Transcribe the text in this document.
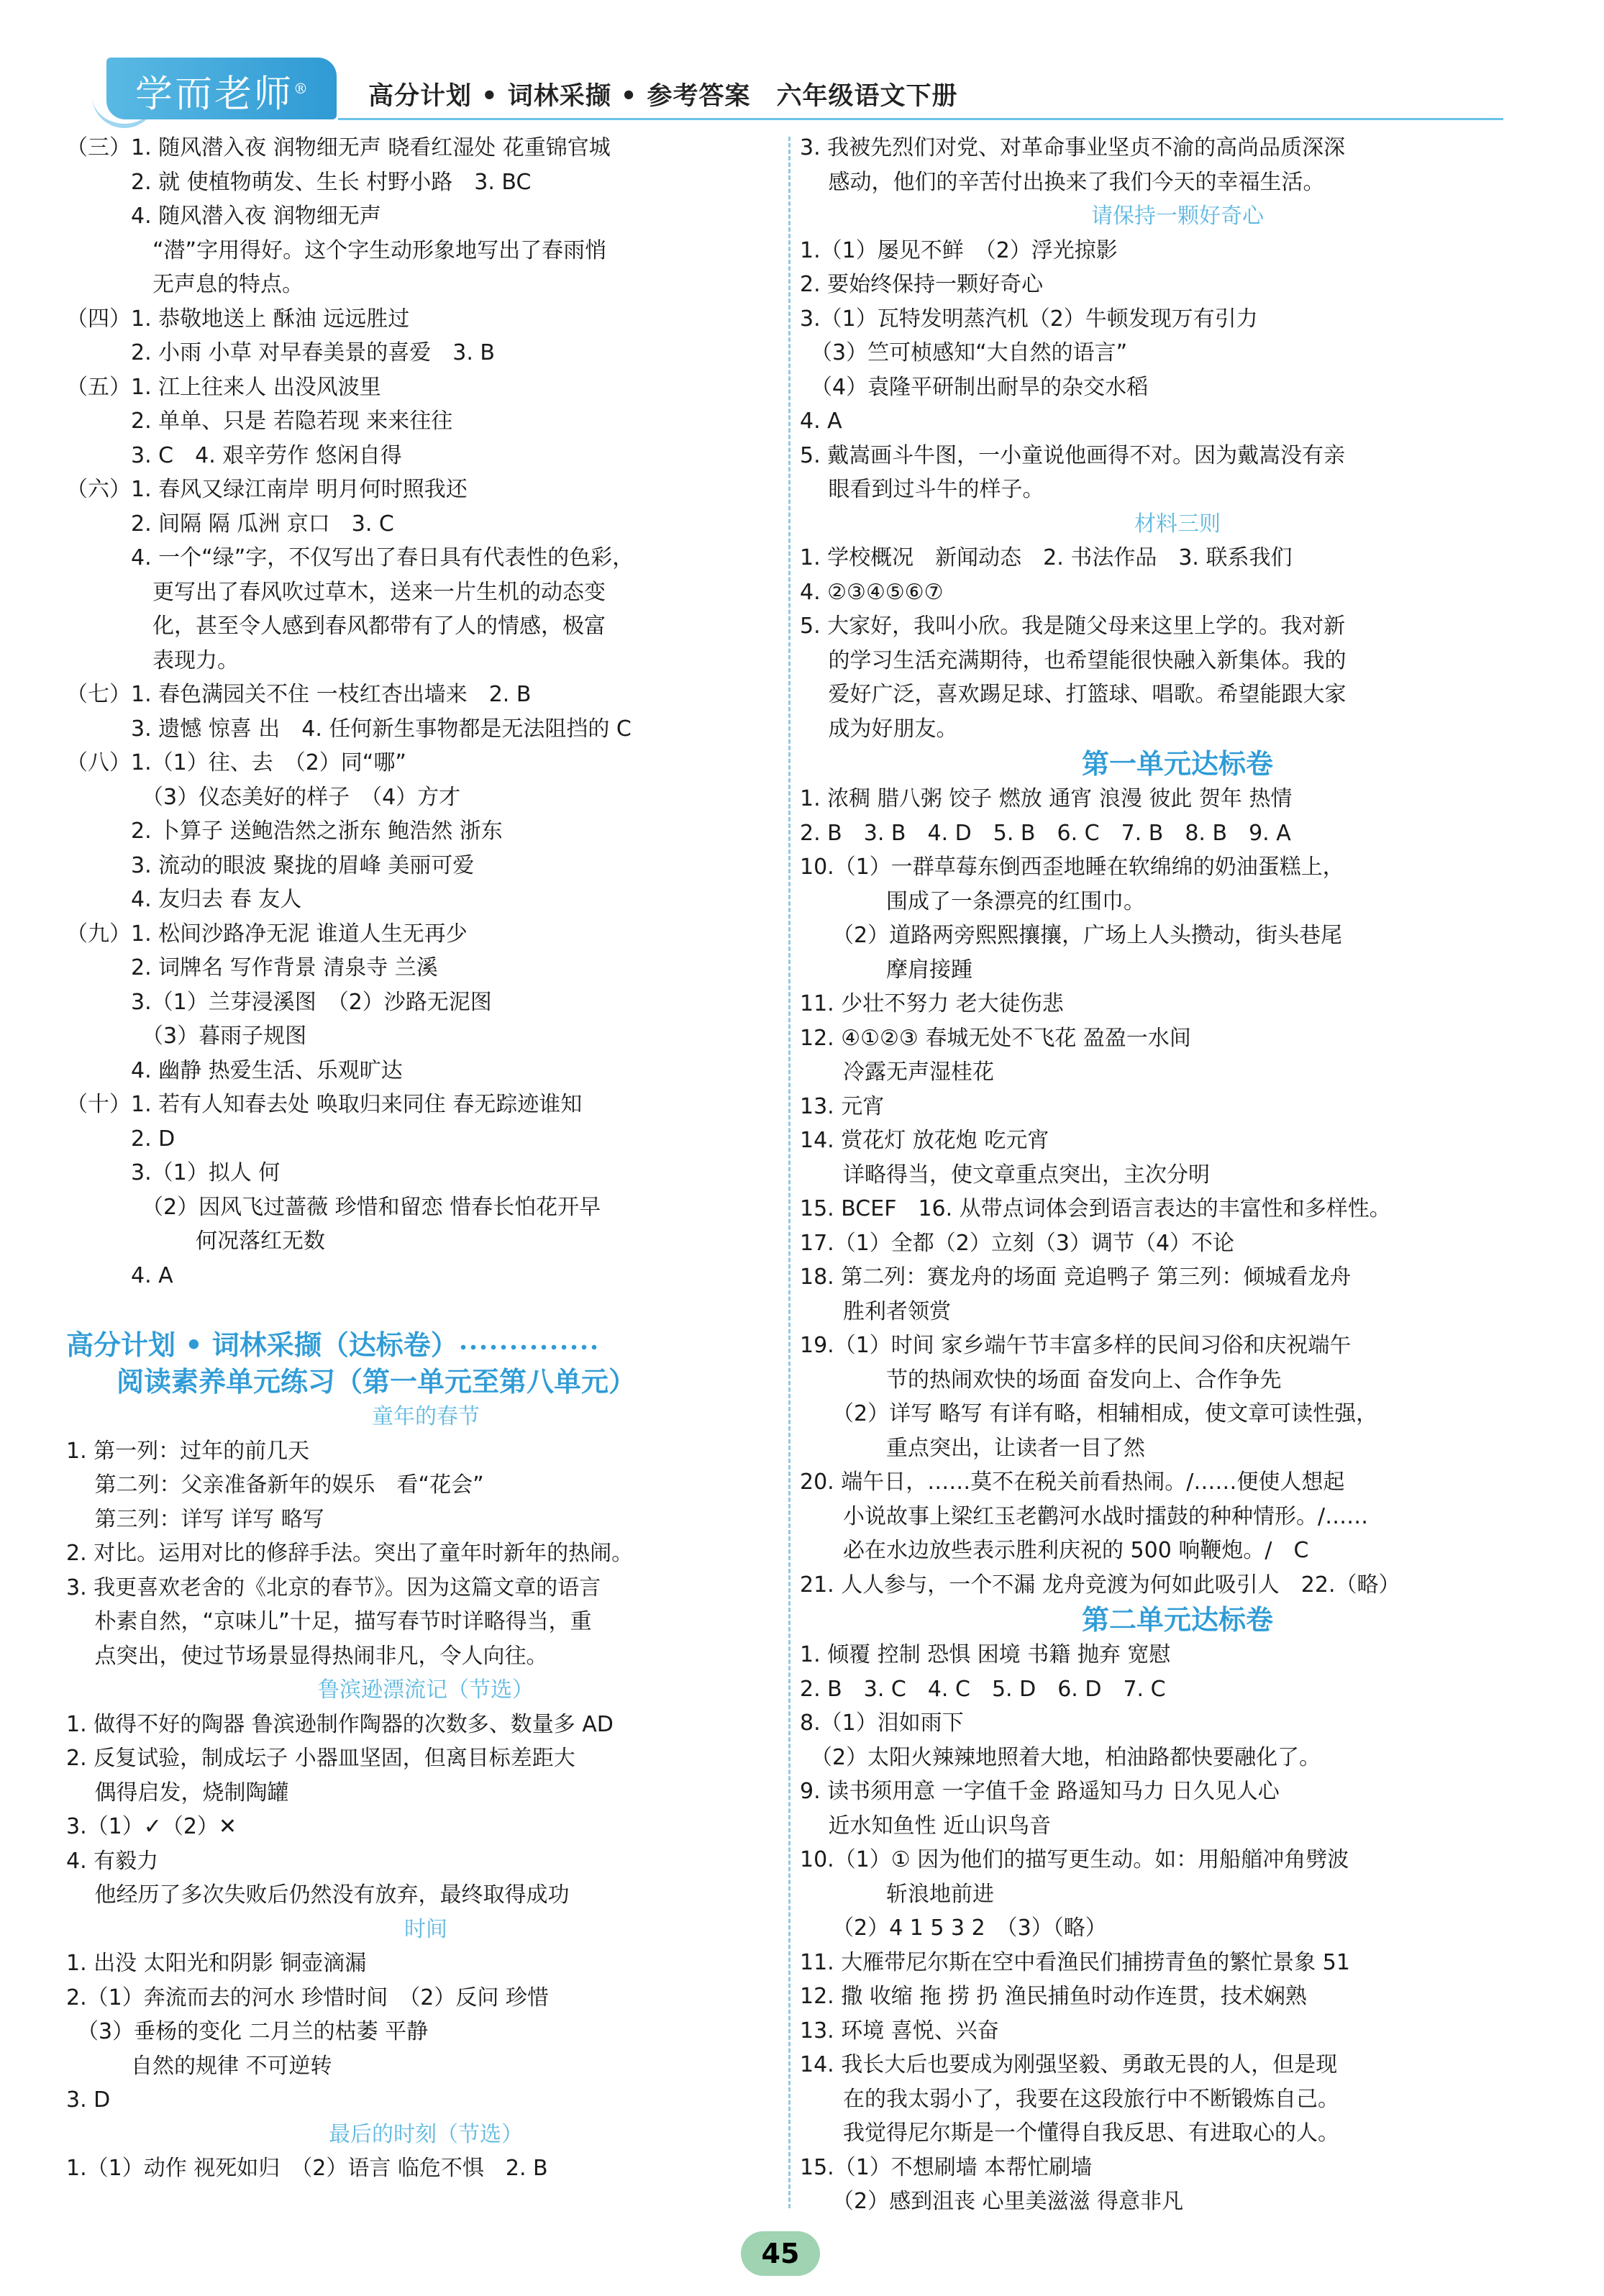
学而老师®	高分计划 • 词林采撷 • 参考答案　六年级语文下册
（三）1. 随风潜入夜 润物细无声 晓看红湿处 花重锦官城
　　　2. 就 使植物萌发、生长 村野小路　3. BC
　　　4. 随风潜入夜 润物细无声
　　　　“潜”字用得好。这个字生动形象地写出了春雨悄
　　　　无声息的特点。
（四）1. 恭敬地送上 酥油 远远胜过
　　　2. 小雨 小草 对早春美景的喜爱　3. B
（五）1. 江上往来人 出没风波里
　　　2. 单单、只是 若隐若现 来来往往
　　　3. C　4. 艰辛劳作 悠闲自得
（六）1. 春风又绿江南岸 明月何时照我还
　　　2. 间隔 隔 瓜洲 京口　3. C
　　　4. 一个“绿”字，不仅写出了春日具有代表性的色彩，
　　　　更写出了春风吹过草木，送来一片生机的动态变
　　　　化，甚至令人感到春风都带有了人的情感，极富
　　　　表现力。
（七）1. 春色满园关不住 一枝红杏出墙来　2. B
　　　3. 遗憾 惊喜 出　4. 任何新生事物都是无法阻挡的 C
（八）1.（1）往、去　（2）同“哪”
　　　　（3）仪态美好的样子　（4）方才
　　　2. 卜算子 送鲍浩然之浙东 鲍浩然 浙东
　　　3. 流动的眼波 聚拢的眉峰 美丽可爱
　　　4. 友归去 春 友人
（九）1. 松间沙路净无泥 谁道人生无再少
　　　2. 词牌名 写作背景 清泉寺 兰溪
　　　3.（1）兰芽浸溪图　（2）沙路无泥图
　　　　（3）暮雨子规图
　　　4. 幽静 热爱生活、乐观旷达
（十）1. 若有人知春去处 唤取归来同住 春无踪迹谁知
　　　2. D
　　　3.（1）拟人 何
　　　　（2）因风飞过蔷薇 珍惜和留恋 惜春长怕花开早
　　　　　　何况落红无数
　　　4. A
高分计划 • 词林采撷（达标卷）
阅读素养单元练习（第一单元至第八单元）
童年的春节
1. 第一列：过年的前几天
　 第二列：父亲准备新年的娱乐　看“花会”
　 第三列：详写 详写 略写
2. 对比。运用对比的修辞手法。突出了童年时新年的热闹。
3. 我更喜欢老舍的《北京的春节》。因为这篇文章的语言
　 朴素自然，“京味儿”十足，描写春节时详略得当，重
　 点突出，使过节场景显得热闹非凡，令人向往。
鲁滨逊漂流记（节选）
1. 做得不好的陶器 鲁滨逊制作陶器的次数多、数量多 AD
2. 反复试验，制成坛子 小器皿坚固，但离目标差距大
　 偶得启发，烧制陶罐
3.（1）✓（2）✕
4. 有毅力
　 他经历了多次失败后仍然没有放弃，最终取得成功
时间
1. 出没 太阳光和阴影 铜壶滴漏
2.（1）奔流而去的河水 珍惜时间　（2）反问 珍惜
　（3）垂杨的变化 二月兰的枯萎 平静
　　　自然的规律 不可逆转
3. D
最后的时刻（节选）
1.（1）动作 视死如归　（2）语言 临危不惧　2. B
3. 我被先烈们对党、对革命事业坚贞不渝的高尚品质深深
　 感动，他们的辛苦付出换来了我们今天的幸福生活。
请保持一颗好奇心
1.（1）屡见不鲜　（2）浮光掠影
2. 要始终保持一颗好奇心
3.（1）瓦特发明蒸汽机（2）牛顿发现万有引力
　（3）竺可桢感知“大自然的语言”
　（4）袁隆平研制出耐旱的杂交水稻
4. A
5. 戴嵩画斗牛图，一小童说他画得不对。因为戴嵩没有亲
　 眼看到过斗牛的样子。
材料三则
1. 学校概况　新闻动态　2. 书法作品　3. 联系我们
4. ②③④⑤⑥⑦
5. 大家好，我叫小欣。我是随父母来这里上学的。我对新
　 的学习生活充满期待，也希望能很快融入新集体。我的
　 爱好广泛，喜欢踢足球、打篮球、唱歌。希望能跟大家
　 成为好朋友。
第一单元达标卷
1. 浓稠 腊八粥 饺子 燃放 通宵 浪漫 彼此 贺年 热情
2. B　3. B　4. D　5. B　6. C　7. B　8. B　9. A
10.（1）一群草莓东倒西歪地睡在软绵绵的奶油蛋糕上，
　　　　围成了一条漂亮的红围巾。
　　（2）道路两旁熙熙攘攘，广场上人头攒动，街头巷尾
　　　　摩肩接踵
11. 少壮不努力 老大徒伤悲
12. ④①②③ 春城无处不飞花 盈盈一水间
　　冷露无声湿桂花
13. 元宵
14. 赏花灯 放花炮 吃元宵
　　详略得当，使文章重点突出，主次分明
15. BCEF　16. 从带点词体会到语言表达的丰富性和多样性。
17.（1）全都（2）立刻（3）调节（4）不论
18. 第二列：赛龙舟的场面 竞追鸭子 第三列：倾城看龙舟
　　胜利者领赏
19.（1）时间 家乡端午节丰富多样的民间习俗和庆祝端午
　　　　节的热闹欢快的场面 奋发向上、合作争先
　　（2）详写 略写 有详有略，相辅相成，使文章可读性强，
　　　　重点突出，让读者一目了然
20. 端午日，……莫不在税关前看热闹。/……便使人想起
　　小说故事上梁红玉老鹳河水战时擂鼓的种种情形。/……
　　必在水边放些表示胜利庆祝的 500 响鞭炮。/　C
21. 人人参与，一个不漏 龙舟竞渡为何如此吸引人　22.（略）
第二单元达标卷
1. 倾覆 控制 恐惧 困境 书籍 抛弃 宽慰
2. B　3. C　4. C　5. D　6. D　7. C
8.（1）泪如雨下
　（2）太阳火辣辣地照着大地，柏油路都快要融化了。
9. 读书须用意 一字值千金 路遥知马力 日久见人心
　 近水知鱼性 近山识鸟音
10.（1）① 因为他们的描写更生动。如：用船艏冲角劈波
　　　　斩浪地前进
　　（2）4 1 5 3 2　（3）（略）
11. 大雁带尼尔斯在空中看渔民们捕捞青鱼的繁忙景象 51
12. 撒 收缩 拖 捞 扔 渔民捕鱼时动作连贯，技术娴熟
13. 环境 喜悦、兴奋
14. 我长大后也要成为刚强坚毅、勇敢无畏的人，但是现
　　在的我太弱小了，我要在这段旅行中不断锻炼自己。
　　我觉得尼尔斯是一个懂得自我反思、有进取心的人。
15.（1）不想刷墙 本帮忙刷墙
　　（2）感到沮丧 心里美滋滋 得意非凡
45
